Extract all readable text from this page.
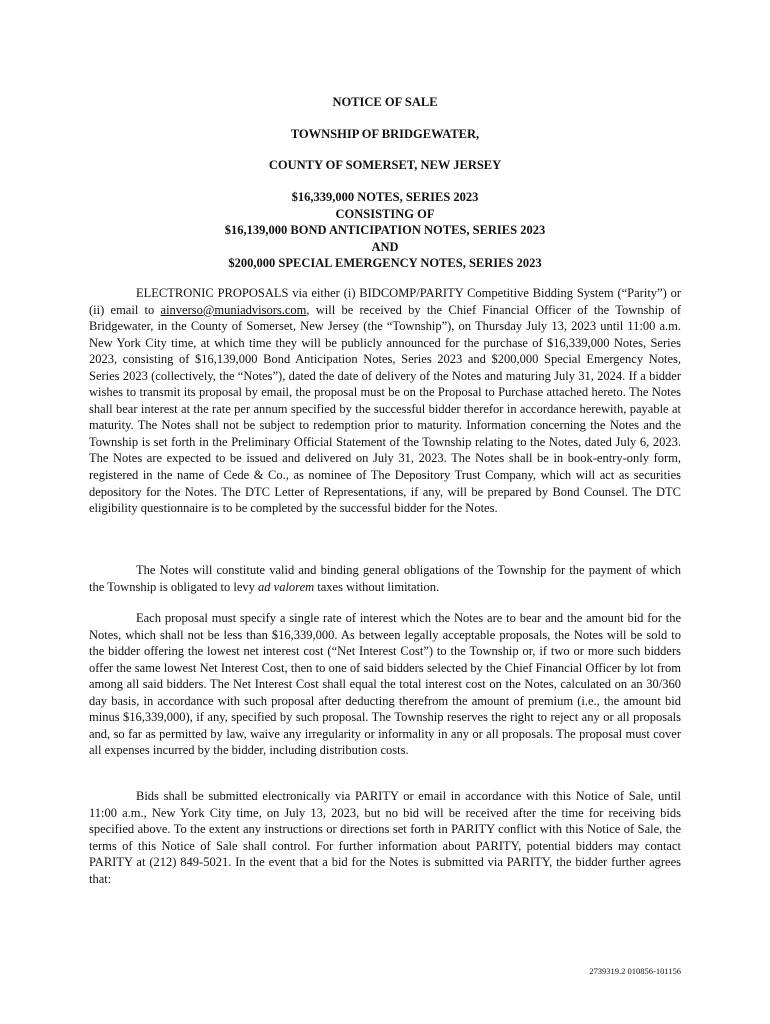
NOTICE OF SALE

TOWNSHIP OF BRIDGEWATER,

COUNTY OF SOMERSET, NEW JERSEY

$16,339,000 NOTES, SERIES 2023

CONSISTING OF

$16,139,000 BOND ANTICIPATION NOTES, SERIES 2023

AND

$200,000 SPECIAL EMERGENCY NOTES, SERIES 2023

ELECTRONIC PROPOSALS via either (i) BIDCOMP/PARITY Competitive Bidding System (“Parity”) or (ii) email to ainverso@muniadvisors.com, will be received by the Chief Financial Officer of the Township of Bridgewater, in the County of Somerset, New Jersey (the “Township”), on Thursday July 13, 2023 until 11:00 a.m. New York City time, at which time they will be publicly announced for the purchase of $16,339,000 Notes, Series 2023, consisting of $16,139,000 Bond Anticipation Notes, Series 2023 and $200,000 Special Emergency Notes, Series 2023 (collectively, the “Notes”), dated the date of delivery of the Notes and maturing July 31, 2024. If a bidder wishes to transmit its proposal by email, the proposal must be on the Proposal to Purchase attached hereto. The Notes shall bear interest at the rate per annum specified by the successful bidder therefor in accordance herewith, payable at maturity. The Notes shall not be subject to redemption prior to maturity. Information concerning the Notes and the Township is set forth in the Preliminary Official Statement of the Township relating to the Notes, dated July 6, 2023. The Notes are expected to be issued and delivered on July 31, 2023. The Notes shall be in book-entry-only form, registered in the name of Cede & Co., as nominee of The Depository Trust Company, which will act as securities depository for the Notes. The DTC Letter of Representations, if any, will be prepared by Bond Counsel. The DTC eligibility questionnaire is to be completed by the successful bidder for the Notes.

The Notes will constitute valid and binding general obligations of the Township for the payment of which the Township is obligated to levy ad valorem taxes without limitation.

Each proposal must specify a single rate of interest which the Notes are to bear and the amount bid for the Notes, which shall not be less than $16,339,000. As between legally acceptable proposals, the Notes will be sold to the bidder offering the lowest net interest cost (“Net Interest Cost”) to the Township or, if two or more such bidders offer the same lowest Net Interest Cost, then to one of said bidders selected by the Chief Financial Officer by lot from among all said bidders. The Net Interest Cost shall equal the total interest cost on the Notes, calculated on an 30/360 day basis, in accordance with such proposal after deducting therefrom the amount of premium (i.e., the amount bid minus $16,339,000), if any, specified by such proposal. The Township reserves the right to reject any or all proposals and, so far as permitted by law, waive any irregularity or informality in any or all proposals. The proposal must cover all expenses incurred by the bidder, including distribution costs.

Bids shall be submitted electronically via PARITY or email in accordance with this Notice of Sale, until 11:00 a.m., New York City time, on July 13, 2023, but no bid will be received after the time for receiving bids specified above. To the extent any instructions or directions set forth in PARITY conflict with this Notice of Sale, the terms of this Notice of Sale shall control. For further information about PARITY, potential bidders may contact PARITY at (212) 849-5021. In the event that a bid for the Notes is submitted via PARITY, the bidder further agrees that:

2739319.2 010856-101156
